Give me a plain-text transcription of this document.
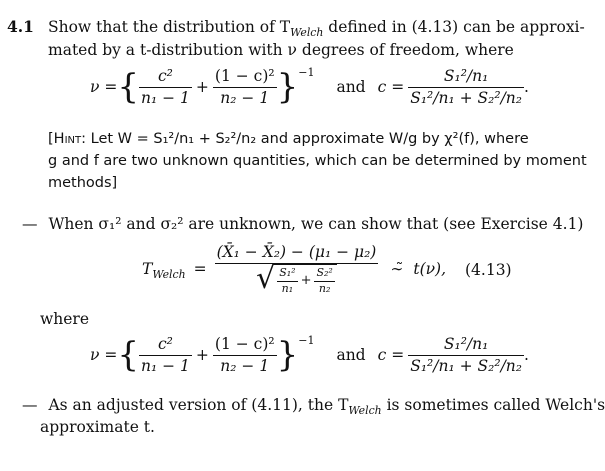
4.1 Show that the distribution of $T_{Welch}$ defined in (4.13) can be approxi-
mated by a t-distribution with ν degrees of freedom, where
ν = {	c²
n₁ − 1
+ $\frac{\text{(1 − c)²}}{\text{n₂ − 1}} \}^{-1}$
and $c = \frac{\text{S₁²/n₁}}{\text{S₁²/n₁ + S₂²/n₂}}$ .
[Hint: Let W = S₁²/n₁ + S₂²/n₂ and approximate W/g by χ²(f), where
g and f are two unknown quantities, which can be determined by moment
methods]
— When σ₁² and σ₂² are unknown, we can show that (see Exercise 4.1)
$T_{Welch}$ = (X̄₁ − X̄₂) − (μ₁ − μ₂)
√ S₁²
$n_1 + \frac{\text{S₂²}}{\text{n₂}}$ ∼̃ t(ν), (4.13)
where
ν = {	c²
n₁ − 1
+ $\frac{\text{(1 − c)²}}{\text{n₂ − 1}} \}^{-1}$
and $c = \frac{\text{S₁²/n₁}}{\text{S₁²/n₁ + S₂²/n₂}}$ .
— As an adjusted version of (4.11), the $T_{Welch}$ is sometimes called Welch's
approximate t.
